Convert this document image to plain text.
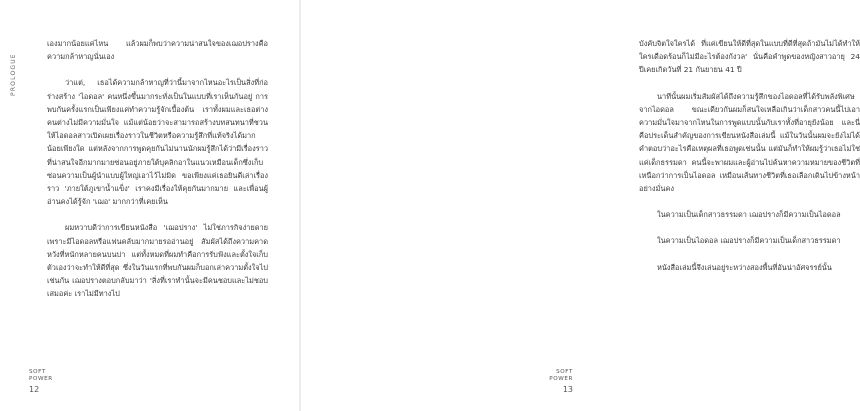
PROLOGUE

เองมากน้อยแค่ไหน แล้วผมก็พบว่าความน่าสนใจของเฌอปรางคือความกล้าหาญนั่นเอง

ว่าแต่, เธอได้ความกล้าหาญที่ว่านี้มาจากไหนอะไรเป็นสิ่งที่ก่อร่างสร้าง 'ไอดอล' คนหนึ่งขึ้นมากระทั่งเป็นในแบบที่เราเห็นกันอยู่ การพบกันครั้งแรกเป็นเพียงแค่ทำความรู้จักเบื้องต้น เราทั้งผมและเธอต่างคนต่างไม่มีความมั่นใจ แม้แต่น้อยว่าจะสามารถสร้างบทสนทนาที่ชวนให้ไอดอลสาวเปิดเผยเรื่องราวในชีวิตหรือความรู้สึกที่แท้จริงได้มากน้อยเพียงใด แต่หลังจากการพูดคุยกันไม่นานนักผมรู้สึกได้ว่ามีเรื่องราวที่น่าสนใจอีกมากมายซ่อนอยู่ภายใต้บุคลิกอาในแนวเหมือนเด็กซึ่งเก็บซ่อนความเป็นผู้นำแบบผู้ใหญ่เอาไว้ไม่มิด ขอเพียงแค่เธอยินดีเล่าเรื่องราว 'ภายใต้ภูเขาน้ำแข็ง' เราคงมีเรื่องให้คุยกันมากมาย และเพื่อนผู้อ่านคงได้รู้จัก 'เฌอ' มากกว่าที่เคยเห็น

ผมหวาบดีว่าการเขียนหนังสือ 'เฌอปราง' ไม่ใช่ภารกิจง่ายดาย เพราะมีไอดอลหรือแฟนคลับมากมายรออ่านอยู่ สัมผัสได้ถึงความคาดหวังที่หนักหลายคนบนบ่า แต่ทั้งหมดที่ผมทำคือการรับฟังและตั้งใจเก็บตัวเองว่าจะทำให้ดีที่สุด ซึ่งในวันแรกที่พบกันผมก็บอกเล่าความตั้งใจไปเช่นกัน เฌอปรางตอบกลับมาว่า 'สิ่งที่เราทำนั้นจะมีคนชอบและไม่ชอบเสมอค่ะ เราไม่มีทางไป

SOFT
POWER
12

บังคับจิตใจใครได้ ที่แค่เขียนให้ดีที่สุดในแบบที่ดีที่สุดถ้ามันไม่ได้ทำให้ใครเดือดร้อนก็ไม่มีอะไรต้องกังวล' นั่นคือคำพูดของหญิงสาวอายุ 24 ปีเคยเกิดวันที่ 21 กันยายน 41 ปี

นาทีนั้นผมเริ่มสัมผัสได้ถึงความรู้สึกของไอดอลที่ได้รับพลังพิเศษจากไอดอล ขณะเดียวกันผมก็สนใจเหลือเกินว่าเด็กสาวคนนี้ไปเอาความมั่นใจมาจากไหนในการพูดแบบนั้นกับเราทั้งที่อายุยังน้อย และนี่คือประเด็นสำคัญของการเขียนหนังสือเล่มนี้ แม้ในวันนั้นผมจะยังไม่ได้คำตอบว่าอะไรคือเหตุผลที่เธอพูดเช่นนั้น แต่มันก็ทำให้ผมรู้ว่าเธอไม่ใช่แค่เด็กธรรมดา คนนี้จะพาผมและผู้อ่านไปค้นหาความหมายของชีวิตที่เหนือกว่าการเป็นไอดอล เหมือนเส้นทางชีวิตที่เธอเลือกเดินไปข้างหน้าอย่างมั่นคง

ในความเป็นเด็กสาวธรรมดา เฌอปรางก็มีความเป็นไอดอล

ในความเป็นไอดอล เฌอปรางก็มีความเป็นเด็กสาวธรรมดา

หนังสือเล่มนี้จึงเล่นอยู่ระหว่างสองพื้นที่อันน่าอัศจรรย์นั้น

SOFT
POWER
13
